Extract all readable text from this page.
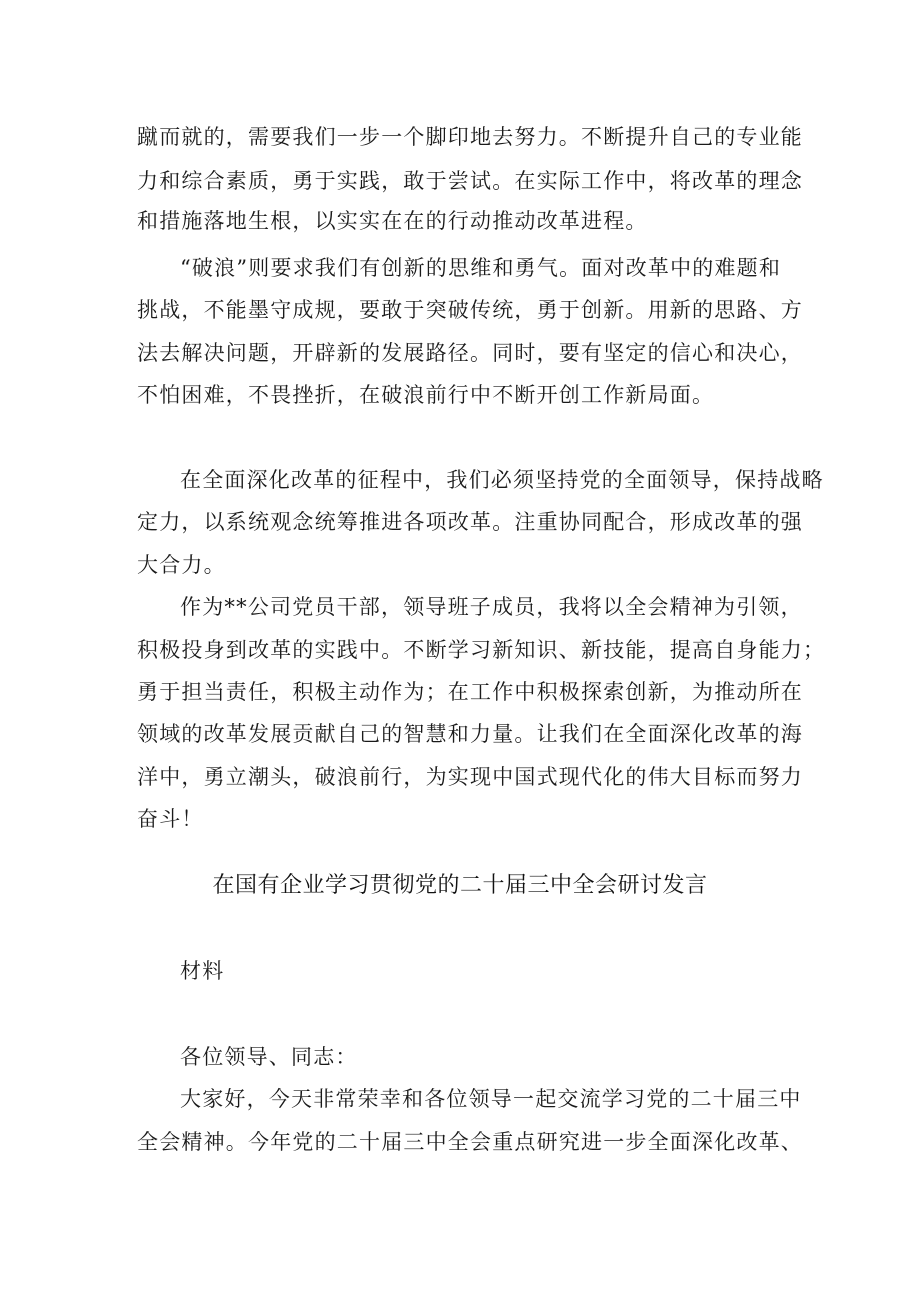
蹴而就的，需要我们一步一个脚印地去努力。不断提升自己的专业能
力和综合素质，勇于实践，敢于尝试。在实际工作中，将改革的理念
和措施落地生根，以实实在在的行动推动改革进程。
“破浪”则要求我们有创新的思维和勇气。面对改革中的难题和
挑战，不能墨守成规，要敢于突破传统，勇于创新。用新的思路、方
法去解决问题，开辟新的发展路径。同时，要有坚定的信心和决心，
不怕困难，不畏挫折，在破浪前行中不断开创工作新局面。
在全面深化改革的征程中，我们必须坚持党的全面领导，保持战略
定力，以系统观念统筹推进各项改革。注重协同配合，形成改革的强
大合力。
作为**公司党员干部，领导班子成员，我将以全会精神为引领，
积极投身到改革的实践中。不断学习新知识、新技能，提高自身能力；
勇于担当责任，积极主动作为；在工作中积极探索创新，为推动所在
领域的改革发展贡献自己的智慧和力量。让我们在全面深化改革的海
洋中，勇立潮头，破浪前行，为实现中国式现代化的伟大目标而努力
奋斗！
在国有企业学习贯彻党的二十届三中全会研讨发言
材料
各位领导、同志：
大家好，今天非常荣幸和各位领导一起交流学习党的二十届三中
全会精神。今年党的二十届三中全会重点研究进一步全面深化改革、
